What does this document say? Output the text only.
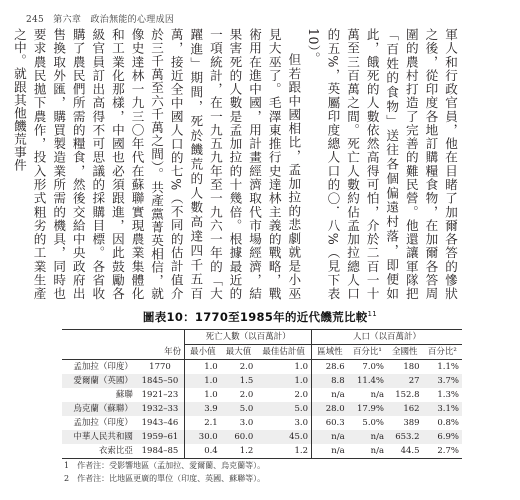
245 第六章　政治無能的心理成因

軍人和行政官員，他在目睹了加爾各答的慘狀之後，從印度各地訂購糧食物，在加爾各答周圍的農村打造了完善的難民營。他還讓軍隊把「百姓的食物」送往各個偏遠村落，即便如此，餓死的人數依然高得可怕，介於二百一十萬至三百萬之間。死亡人數約佔孟加拉總人口的五%，英屬印度總人口的〇．八%（見下表10）。

但若跟中國相比，孟加拉的悲劇就是小巫見大巫了。毛澤東推行史達林主義的戰略，戰術用在進中國，用計畫經濟取代市場經濟，結果害死的人數是孟加拉的十幾倍。根據最近的一項統計，在一九五九年至一九六一年的「大躍進」期間，死於饑荒的人數高達四千五百萬，接近全中國人口的七%（不同的估計值介於三千萬至六千萬之間）。共產黨菁英相信，就像史達林一九三〇年代在蘇聯實現農業集體化和工業化那樣，中國也必須跟進，因此鼓勵各級官員訂出高得不可思議的採購目標。各省收購了農民們所需的糧食，然後交給中央政府出售換取外匯，購買製造業所需的機具，同時也要求農民拋下農作，投入形式粗劣的工業生產之中。就跟其他饑荒事件

圖表10：1770至1985年的近代饑荒比較$^{11}$
		死亡人數（以百萬計）			人口（以百萬計）			
	年份	最小值	最大值	最佳估計值	區域性	百分比¹	全國性	百分比²
孟加拉（印度）	1770	1.0	2.0	1.0	28.6	7.0%	180	1.1%
愛爾蘭（英國）	1845–50	1.0	1.5	1.0	8.8	11.4%	27	3.7%
蘇聯	1921–23	1.0	2.0	2.0	n/a	n/a	152.8	1.3%
烏克蘭（蘇聯）	1932–33	3.9	5.0	5.0	28.0	17.9%	162	3.1%
孟加拉（印度）	1943–46	2.1	3.0	3.0	60.3	5.0%	389	0.8%
中華人民共和國	1959–61	30.0	60.0	45.0	n/a	n/a	653.2	6.9%
衣索比亞	1984–85	0.4	1.2	1.2	n/a	n/a	44.5	2.7%
1　作者注：受影響地區（孟加拉、愛爾蘭、烏克蘭等）。
2　作者注：比地區更廣的單位（印度、英國、蘇聯等）。
